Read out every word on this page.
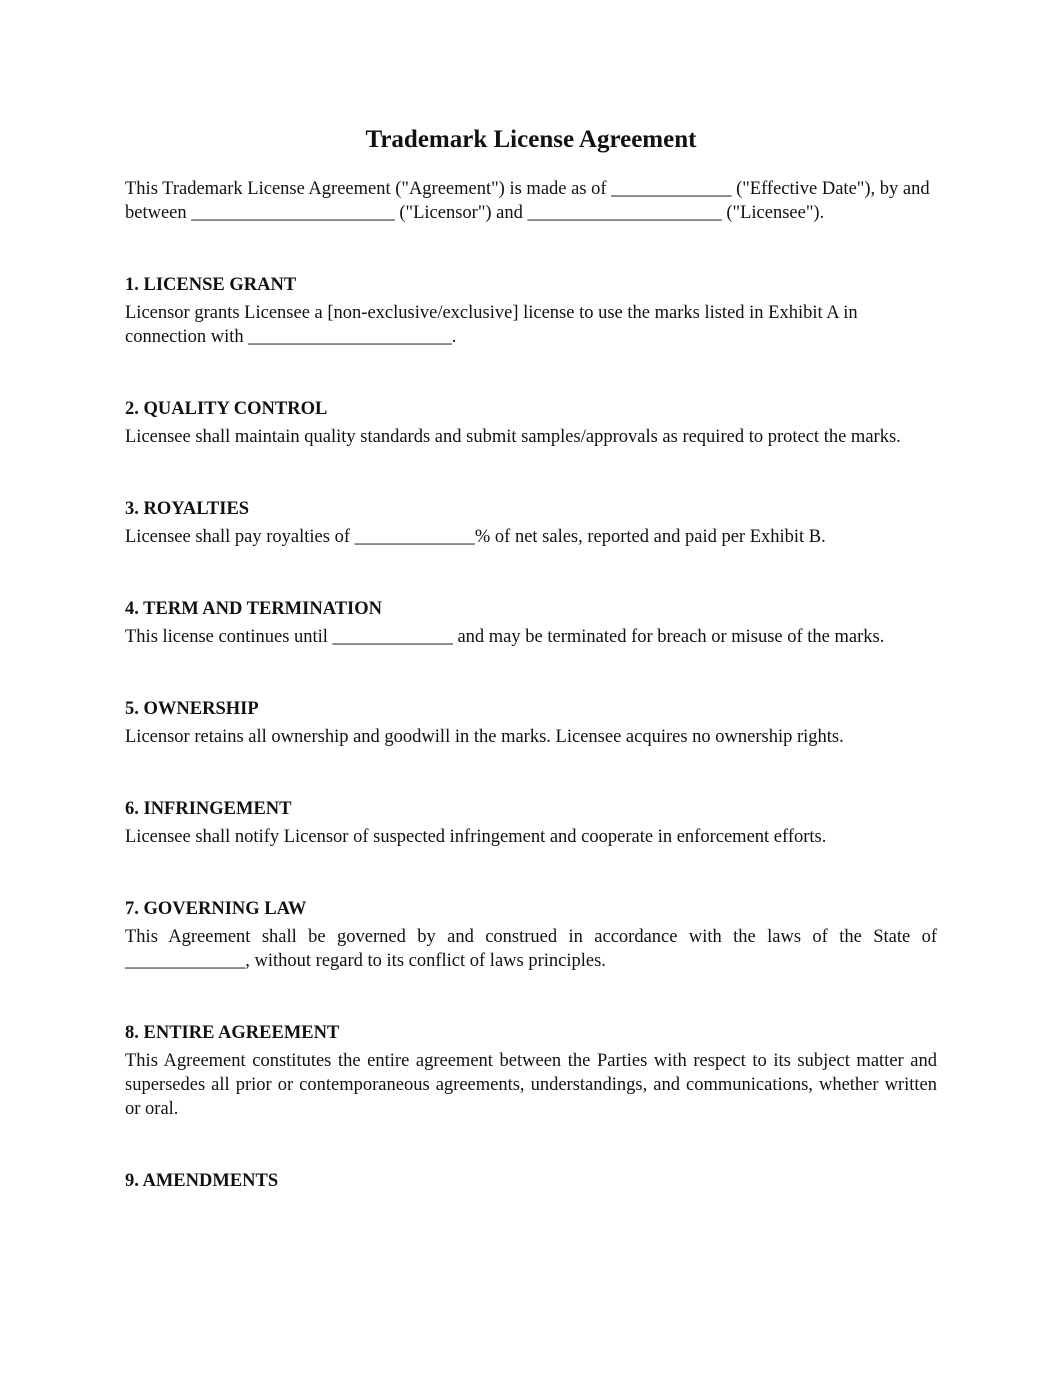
Trademark License Agreement

This Trademark License Agreement ("Agreement") is made as of _____________ ("Effective Date"), by and between ______________________ ("Licensor") and _____________________ ("Licensee").

1. LICENSE GRANT

Licensor grants Licensee a [non-exclusive/exclusive] license to use the marks listed in Exhibit A in connection with ______________________.

2. QUALITY CONTROL

Licensee shall maintain quality standards and submit samples/approvals as required to protect the marks.

3. ROYALTIES

Licensee shall pay royalties of _____________% of net sales, reported and paid per Exhibit B.

4. TERM AND TERMINATION

This license continues until _____________ and may be terminated for breach or misuse of the marks.

5. OWNERSHIP

Licensor retains all ownership and goodwill in the marks. Licensee acquires no ownership rights.

6. INFRINGEMENT

Licensee shall notify Licensor of suspected infringement and cooperate in enforcement efforts.

7. GOVERNING LAW

This Agreement shall be governed by and construed in accordance with the laws of the State of _____________, without regard to its conflict of laws principles.

8. ENTIRE AGREEMENT

This Agreement constitutes the entire agreement between the Parties with respect to its subject matter and supersedes all prior or contemporaneous agreements, understandings, and communications, whether written or oral.

9. AMENDMENTS
